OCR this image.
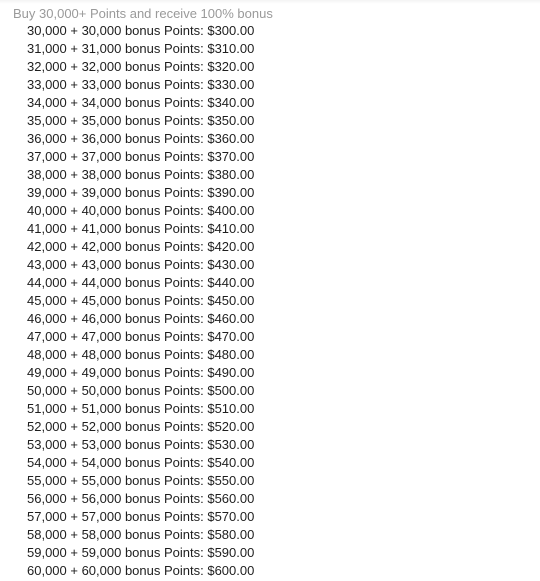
Buy 30,000+ Points and receive 100% bonus
30,000 + 30,000 bonus Points: $300.00
31,000 + 31,000 bonus Points: $310.00
32,000 + 32,000 bonus Points: $320.00
33,000 + 33,000 bonus Points: $330.00
34,000 + 34,000 bonus Points: $340.00
35,000 + 35,000 bonus Points: $350.00
36,000 + 36,000 bonus Points: $360.00
37,000 + 37,000 bonus Points: $370.00
38,000 + 38,000 bonus Points: $380.00
39,000 + 39,000 bonus Points: $390.00
40,000 + 40,000 bonus Points: $400.00
41,000 + 41,000 bonus Points: $410.00
42,000 + 42,000 bonus Points: $420.00
43,000 + 43,000 bonus Points: $430.00
44,000 + 44,000 bonus Points: $440.00
45,000 + 45,000 bonus Points: $450.00
46,000 + 46,000 bonus Points: $460.00
47,000 + 47,000 bonus Points: $470.00
48,000 + 48,000 bonus Points: $480.00
49,000 + 49,000 bonus Points: $490.00
50,000 + 50,000 bonus Points: $500.00
51,000 + 51,000 bonus Points: $510.00
52,000 + 52,000 bonus Points: $520.00
53,000 + 53,000 bonus Points: $530.00
54,000 + 54,000 bonus Points: $540.00
55,000 + 55,000 bonus Points: $550.00
56,000 + 56,000 bonus Points: $560.00
57,000 + 57,000 bonus Points: $570.00
58,000 + 58,000 bonus Points: $580.00
59,000 + 59,000 bonus Points: $590.00
60,000 + 60,000 bonus Points: $600.00
